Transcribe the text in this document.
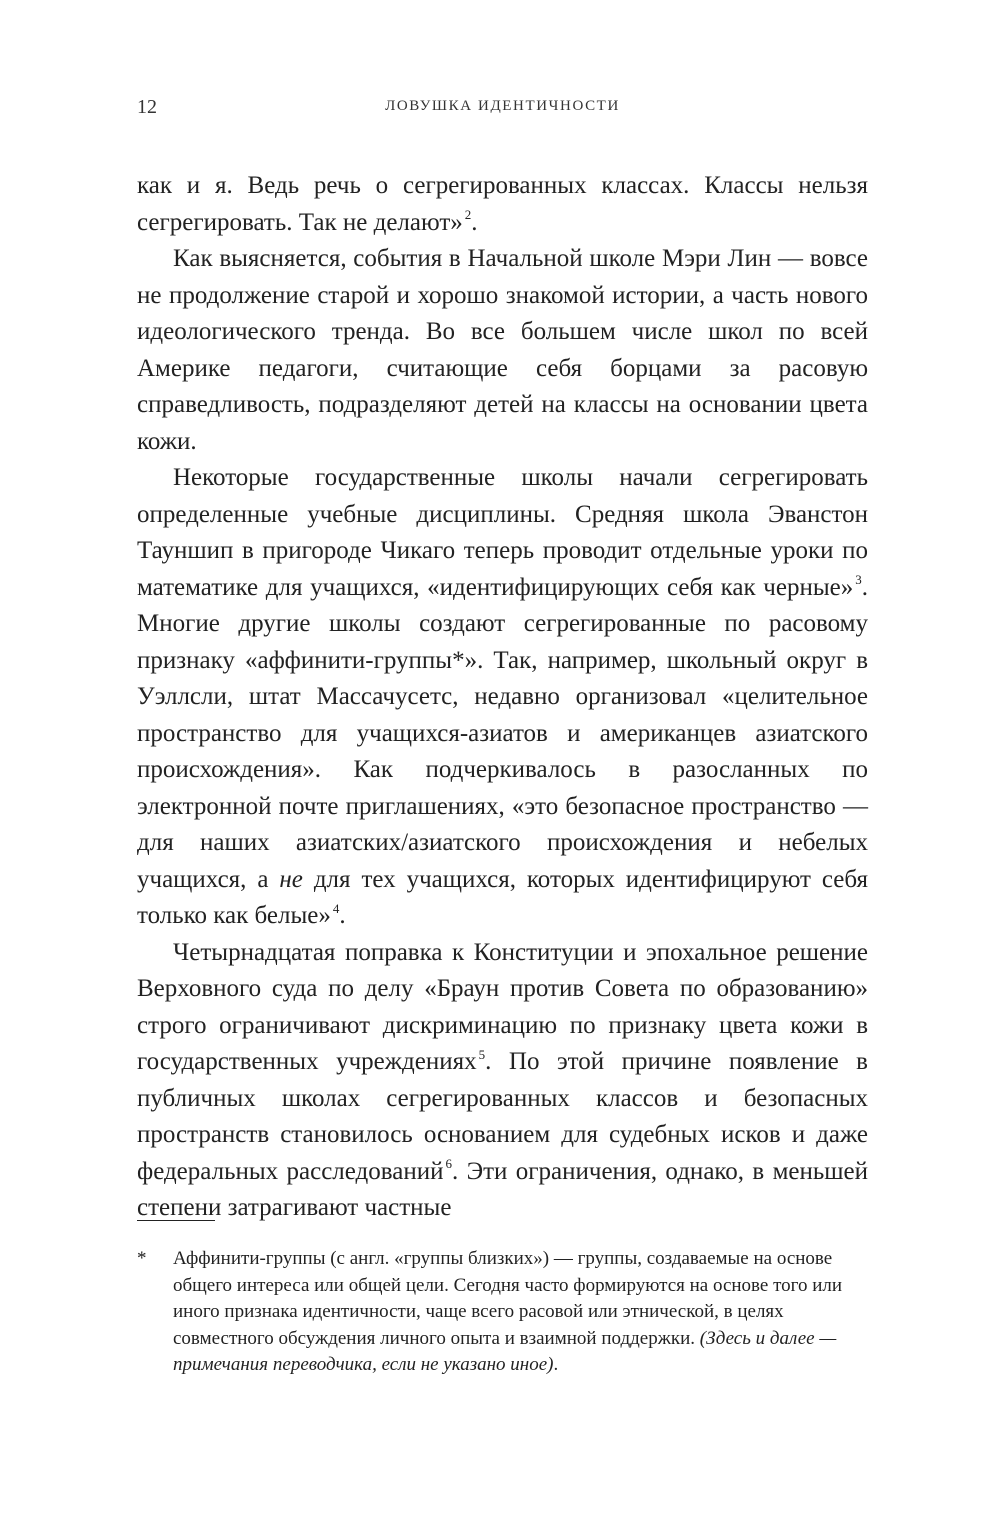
12	ЛОВУШКА ИДЕНТИЧНОСТИ

как и я. Ведь речь о сегрегированных классах. Классы нельзя сегрегировать. Так не делают» $^2$.

Как выясняется, события в Начальной школе Мэри Лин — вовсе не продолжение старой и хорошо знакомой истории, а часть нового идеологического тренда. Во все большем числе школ по всей Америке педагоги, считающие себя борцами за расовую справедливость, подразделяют детей на классы на основании цвета кожи.

Некоторые государственные школы начали сегрегировать определенные учебные дисциплины. Средняя школа Эванстон Тауншип в пригороде Чикаго теперь проводит отдельные уроки по математике для учащихся, «идентифицирующих себя как черные» $^3$. Многие другие школы создают сегрегированные по расовому признаку «аффинити-группы*». Так, например, школьный округ в Уэллсли, штат Массачусетс, недавно организовал «целительное пространство для учащихся-азиатов и американцев азиатского происхождения». Как подчеркивалось в разосланных по электронной почте приглашениях, «это безопасное пространство — для наших азиатских/азиатского происхождения и небелых учащихся, а не для тех учащихся, которых идентифицируют себя только как белые» $^4$.

Четырнадцатая поправка к Конституции и эпохальное решение Верховного суда по делу «Браун против Совета по образованию» строго ограничивают дискриминацию по признаку цвета кожи в государственных учреждениях $^5$. По этой причине появление в публичных школах сегрегированных классов и безопасных пространств становилось основанием для судебных исков и даже федеральных расследований $^6$. Эти ограничения, однако, в меньшей степени затрагивают частные

* Аффинити-группы (с англ. «группы близких») — группы, создаваемые на основе общего интереса или общей цели. Сегодня часто формируются на основе того или иного признака идентичности, чаще всего расовой или этнической, в целях совместного обсуждения личного опыта и взаимной поддержки. (Здесь и далее — примечания переводчика, если не указано иное).
